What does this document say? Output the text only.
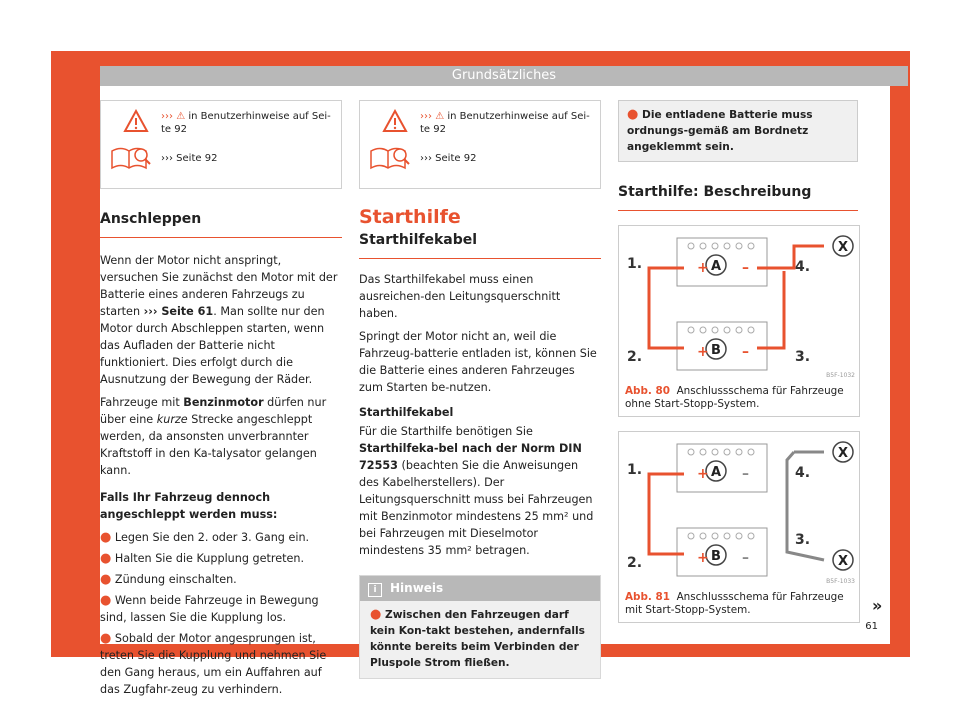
Grundsätzliches
››› ⚠ in Benutzerhinweise auf Sei-te 92
››› Seite 92
Anschleppen

Wenn der Motor nicht anspringt, versuchen Sie zunächst den Motor mit der Batterie eines anderen Fahrzeugs zu starten ››› Seite 61. Man sollte nur den Motor durch Abschleppen starten, wenn das Aufladen der Batterie nicht funktioniert. Dies erfolgt durch die Ausnutzung der Bewegung der Räder.

Fahrzeuge mit Benzinmotor dürfen nur über eine kurze Strecke angeschleppt werden, da ansonsten unverbrannter Kraftstoff in den Ka-talysator gelangen kann.

Falls Ihr Fahrzeug dennoch angeschleppt werden muss:

● Legen Sie den 2. oder 3. Gang ein.
● Halten Sie die Kupplung getreten.
● Zündung einschalten.
● Wenn beide Fahrzeuge in Bewegung sind, lassen Sie die Kupplung los.
● Sobald der Motor angesprungen ist, treten Sie die Kupplung und nehmen Sie den Gang heraus, um ein Auffahren auf das Zugfahr-zeug zu verhindern.
››› ⚠ in Benutzerhinweise auf Sei-te 92
››› Seite 92
Starthilfe
Starthilfekabel

Das Starthilfekabel muss einen ausreichen-den Leitungsquerschnitt haben.

Springt der Motor nicht an, weil die Fahrzeug-batterie entladen ist, können Sie die Batterie eines anderen Fahrzeuges zum Starten be-nutzen.

Starthilfekabel

Für die Starthilfe benötigen Sie Starthilfeka-bel nach der Norm DIN 72553 (beachten Sie die Anweisungen des Kabelherstellers). Der Leitungsquerschnitt muss bei Fahrzeugen mit Benzinmotor mindestens 25 mm² und bei Fahrzeugen mit Dieselmotor mindestens 35 mm² betragen.

i Hinweis
● Zwischen den Fahrzeugen darf kein Kon-takt bestehen, andernfalls könnte bereits beim Verbinden der Pluspole Strom fließen.
● Die entladene Batterie muss ordnungs-gemäß am Bordnetz angeklemmt sein.
Starthilfe: Beschreibung
A
B
X
+ –
+ –
1.
2.	3.
4.
B5F-1032
Abb. 80 Anschlussschema für Fahrzeuge ohne Start-Stopp-System.
A
B
X
X
+ –
+ –
1.
2.
3.
4.
B5F-1033
Abb. 81 Anschlussschema für Fahrzeuge mit Start-Stopp-System.	»
61
